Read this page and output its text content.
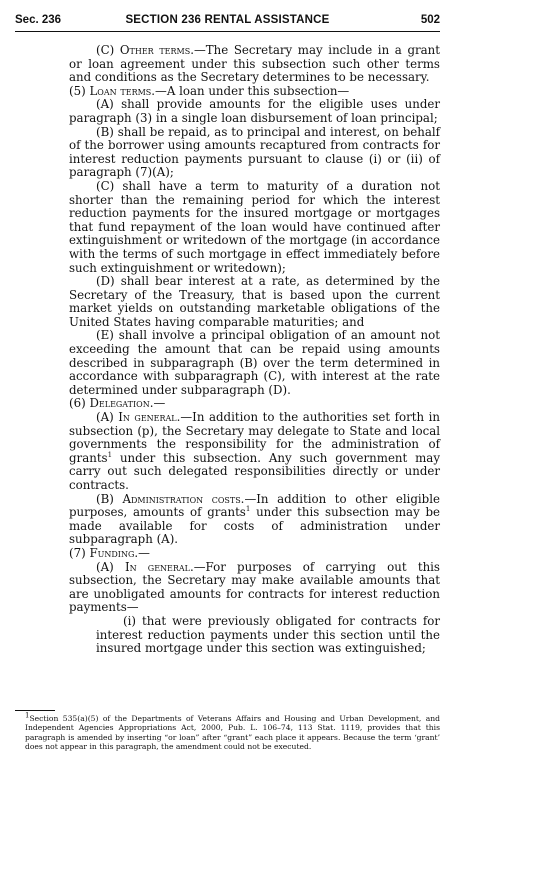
Sec. 236	SECTION 236 RENTAL ASSISTANCE	502

(C) Other terms.—The Secretary may include in a grant or loan agreement under this subsection such other terms and conditions as the Secretary determines to be necessary.

(5) Loan terms.—A loan under this subsection—

(A) shall provide amounts for the eligible uses under paragraph (3) in a single loan disbursement of loan principal;

(B) shall be repaid, as to principal and interest, on behalf of the borrower using amounts recaptured from contracts for interest reduction payments pursuant to clause (i) or (ii) of paragraph (7)(A);

(C) shall have a term to maturity of a duration not shorter than the remaining period for which the interest reduction payments for the insured mortgage or mortgages that fund repayment of the loan would have continued after extinguishment or writedown of the mortgage (in accordance with the terms of such mortgage in effect immediately before such extinguishment or writedown);

(D) shall bear interest at a rate, as determined by the Secretary of the Treasury, that is based upon the current market yields on outstanding marketable obligations of the United States having comparable maturities; and

(E) shall involve a principal obligation of an amount not exceeding the amount that can be repaid using amounts described in subparagraph (B) over the term determined in accordance with subparagraph (C), with interest at the rate determined under subparagraph (D).

(6) Delegation.—

(A) In general.—In addition to the authorities set forth in subsection (p), the Secretary may delegate to State and local governments the responsibility for the administration of grants$^1$ under this subsection. Any such government may carry out such delegated responsibilities directly or under contracts.

(B) Administration costs.—In addition to other eligible purposes, amounts of grants$^1$ under this subsection may be made available for costs of administration under subparagraph (A).

(7) Funding.—

(A) In general.—For purposes of carrying out this subsection, the Secretary may make available amounts that are unobligated amounts for contracts for interest reduction payments—

(i) that were previously obligated for contracts for interest reduction payments under this section until the insured mortgage under this section was extinguished;

$^1$Section 535(a)(5) of the Departments of Veterans Affairs and Housing and Urban Development, and Independent Agencies Appropriations Act, 2000, Pub. L. 106–74, 113 Stat. 1119, provides that this paragraph is amended by inserting “or loan” after “grant” each place it appears. Because the term ‘grant’ does not appear in this paragraph, the amendment could not be executed.
